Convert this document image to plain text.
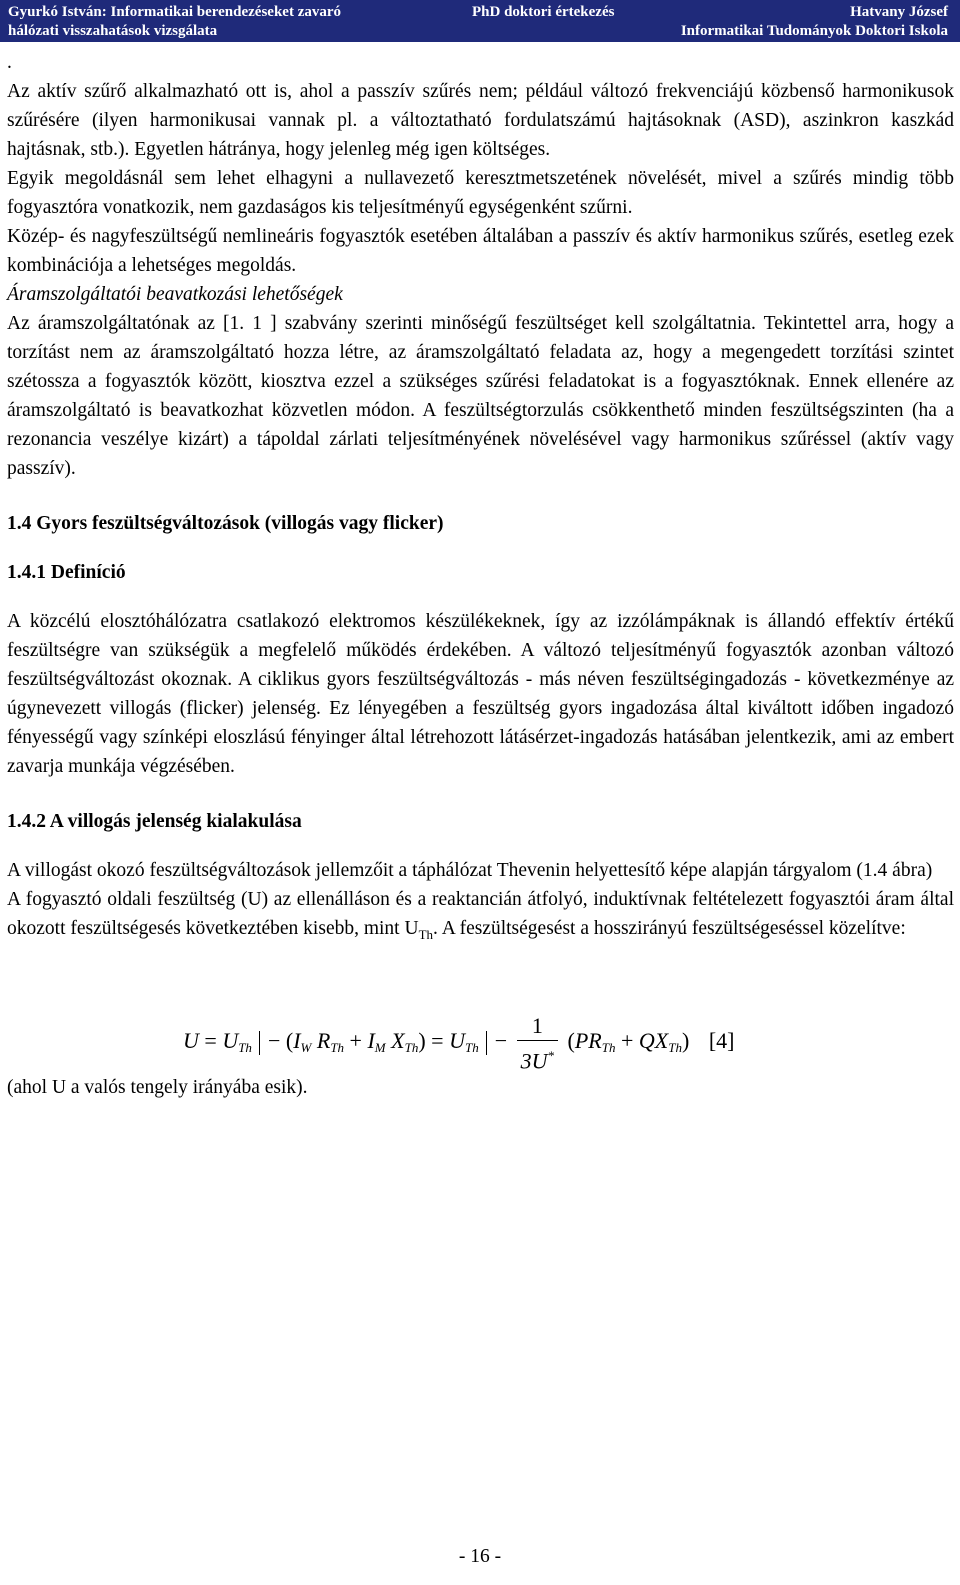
Gyurkó István: Informatikai berendezéseket zavaró
hálózati visszahatások vizsgálata
PhD doktori értekezés	Hatvany József
Informatikai Tudományok Doktori Iskola

.

Az aktív szűrő alkalmazható ott is, ahol a passzív szűrés nem; például változó frekvenciájú közbenső harmonikusok szűrésére (ilyen harmonikusai vannak pl. a változtatható fordulatszámú hajtásoknak (ASD), aszinkron kaszkád hajtásnak, stb.). Egyetlen hátránya, hogy jelenleg még igen költséges.

Egyik megoldásnál sem lehet elhagyni a nullavezető keresztmetszetének növelését, mivel a szűrés mindig több fogyasztóra vonatkozik, nem gazdaságos kis teljesítményű egységenként szűrni.

Közép- és nagyfeszültségű nemlineáris fogyasztók esetében általában a passzív és aktív harmonikus szűrés, esetleg ezek kombinációja a lehetséges megoldás.

Áramszolgáltatói beavatkozási lehetőségek

Az áramszolgáltatónak az [1. 1 ] szabvány szerinti minőségű feszültséget kell szolgáltatnia. Tekintettel arra, hogy a torzítást nem az áramszolgáltató hozza létre, az áramszolgáltató feladata az, hogy a megengedett torzítási szintet szétossza a fogyasztók között, kiosztva ezzel a szükséges szűrési feladatokat is a fogyasztóknak. Ennek ellenére az áramszolgáltató is beavatkozhat közvetlen módon. A feszültségtorzulás csökkenthető minden feszültségszinten (ha a rezonancia veszélye kizárt) a tápoldal zárlati teljesítményének növelésével vagy harmonikus szűréssel (aktív vagy passzív).

1.4 Gyors feszültségváltozások (villogás vagy flicker)

1.4.1 Definíció

A közcélú elosztóhálózatra csatlakozó elektromos készülékeknek, így az izzólámpáknak is állandó effektív értékű feszültségre van szükségük a megfelelő működés érdekében. A változó teljesítményű fogyasztók azonban változó feszültségváltozást okoznak. A ciklikus gyors feszültségváltozás - más néven feszültségingadozás - következménye az úgynevezett villogás (flicker) jelenség. Ez lényegében a feszültség gyors ingadozása által kiváltott időben ingadozó fényességű vagy színképi eloszlású fényinger által létrehozott látásérzet-ingadozás hatásában jelentkezik, ami az embert zavarja munkája végzésében.

1.4.2 A villogás jelenség kialakulása

A villogást okozó feszültségváltozások jellemzőit a táphálózat Thevenin helyettesítő képe alapján tárgyalom (1.4 ábra)

A fogyasztó oldali feszültség (U) az ellenálláson és a reaktancián átfolyó, induktívnak feltételezett fogyasztói áram által okozott feszültségesés következtében kisebb, mint $U_{Th}$. A feszültségesést a hosszirányú feszültségeséssel közelítve:

$U = U_{Th} - (I_W$ $R_{Th} + I_M$ $X_{Th}) = U_{Th} - \frac{1}{3U^*} (PR_{Th} + QX_{Th})$ [4]

(ahol U a valós tengely irányába esik).

- 16 -
